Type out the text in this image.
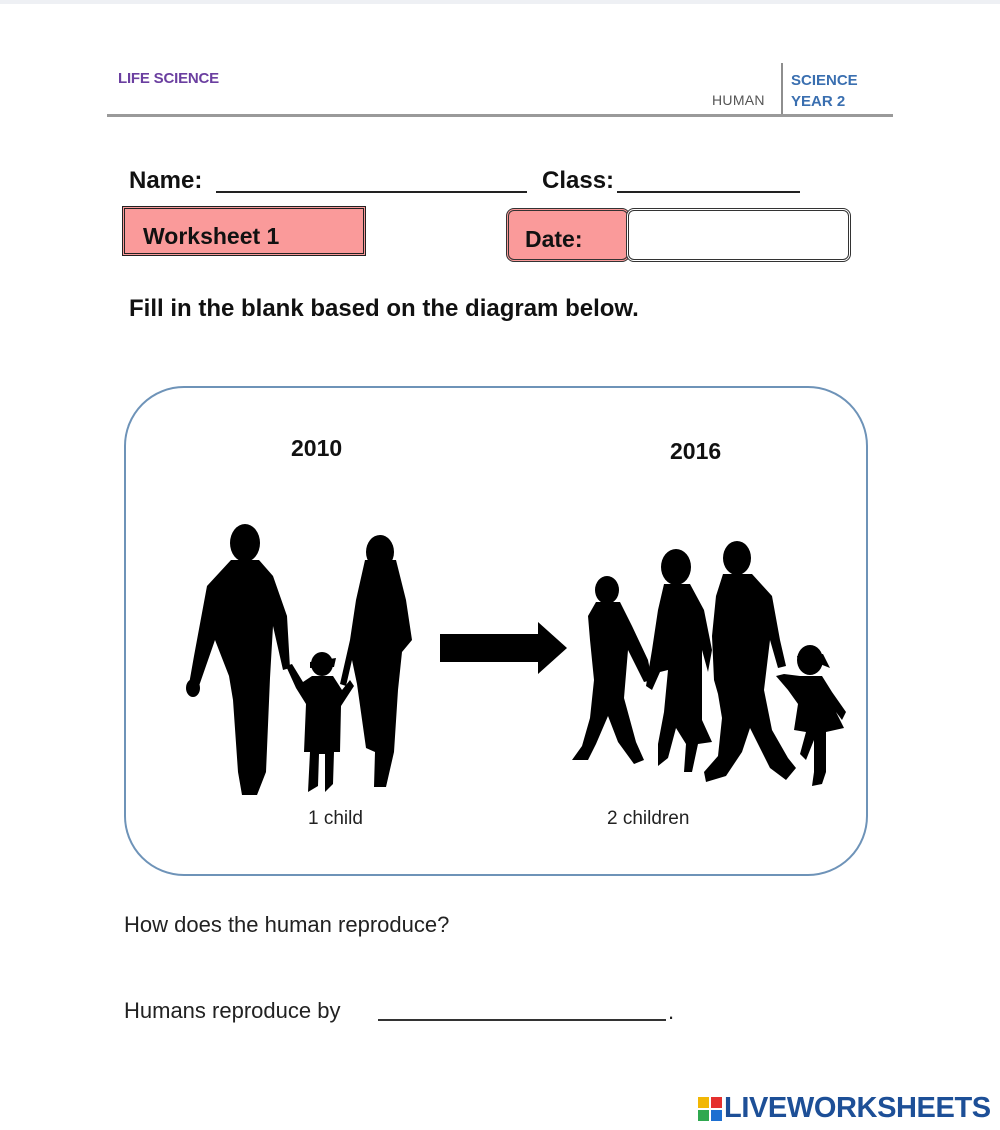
LIFE SCIENCE
HUMAN
SCIENCE
YEAR 2
Name:	Class:
Worksheet 1	Date:
Fill in the blank based on the diagram below.
2010	2016
1 child	2 children
How does the human reproduce?
Humans reproduce by	.
LIVEWORKSHEETS
